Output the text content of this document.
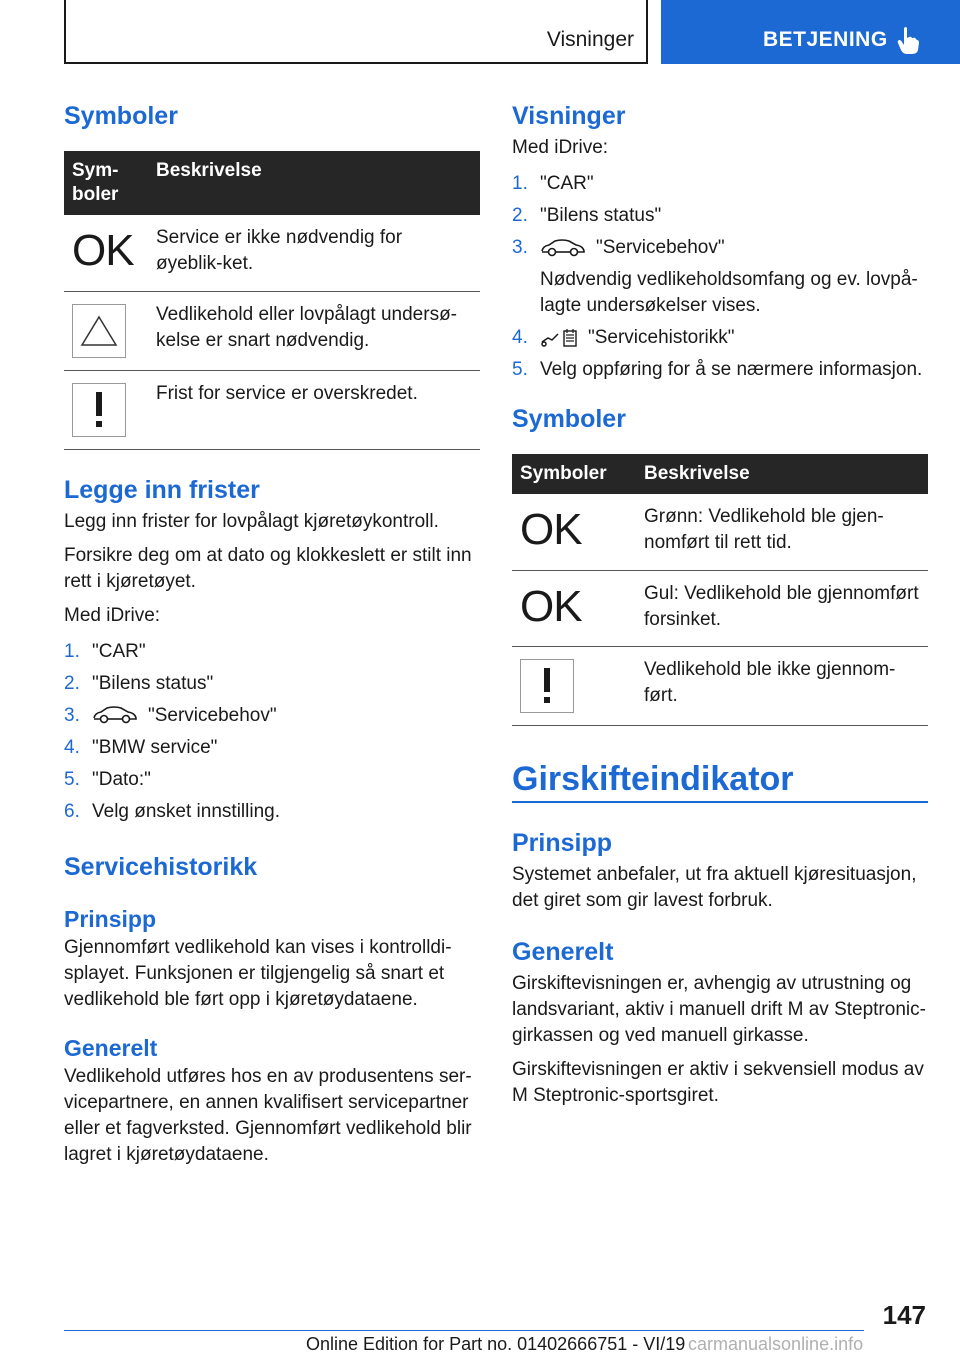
Visninger	BETJENING
Symboler
Sym-
boler	Beskrivelse

OK	Service er ikke nødvendig for øyeblik-ket.

	Vedlikehold eller lovpålagt undersø-kelse er snart nødvendig.

	Frist for service er overskredet.
Legge inn frister

Legg inn frister for lovpålagt kjøretøykontroll.

Forsikre deg om at dato og klokkeslett er stilt inn rett i kjøretøyet.

Med iDrive:

1. "CAR"
2. "Bilens status"
3.	"Servicebehov"
4. "BMW service"
5. "Dato:"
6. Velg ønsket innstilling.
Servicehistorikk
Prinsipp

Gjennomført vedlikehold kan vises i kontrolldi-splayet. Funksjonen er tilgjengelig så snart et vedlikehold ble ført opp i kjøretøydataene.

Generelt

Vedlikehold utføres hos en av produsentens ser-vicepartnere, en annen kvalifisert servicepartner eller et fagverksted. Gjennomført vedlikehold blir lagret i kjøretøydataene.

Visninger

Med iDrive:

1. "CAR"
2. "Bilens status"
3.	"Servicebehov"

Nødvendig vedlikeholdsomfang og ev. lovpå-lagte undersøkelser vises.

4.	"Servicehistorikk"
5. Velg oppføring for å se nærmere informasjon.
Symboler
Symboler	Beskrivelse

OK	Grønn: Vedlikehold ble gjen-nomført til rett tid.

OK	Gul: Vedlikehold ble gjennomført forsinket.

	Vedlikehold ble ikke gjennom-ført.
Girskifteindikator
Prinsipp

Systemet anbefaler, ut fra aktuell kjøresituasjon, det giret som gir lavest forbruk.

Generelt

Girskiftevisningen er, avhengig av utrustning og landsvariant, aktiv i manuell drift M av Steptronic-girkassen og ved manuell girkasse.

Girskiftevisningen er aktiv i sekvensiell modus av M Steptronic-sportsgiret.

147
Online Edition for Part no. 01402666751 - VI/19 carmanualsonline.info
